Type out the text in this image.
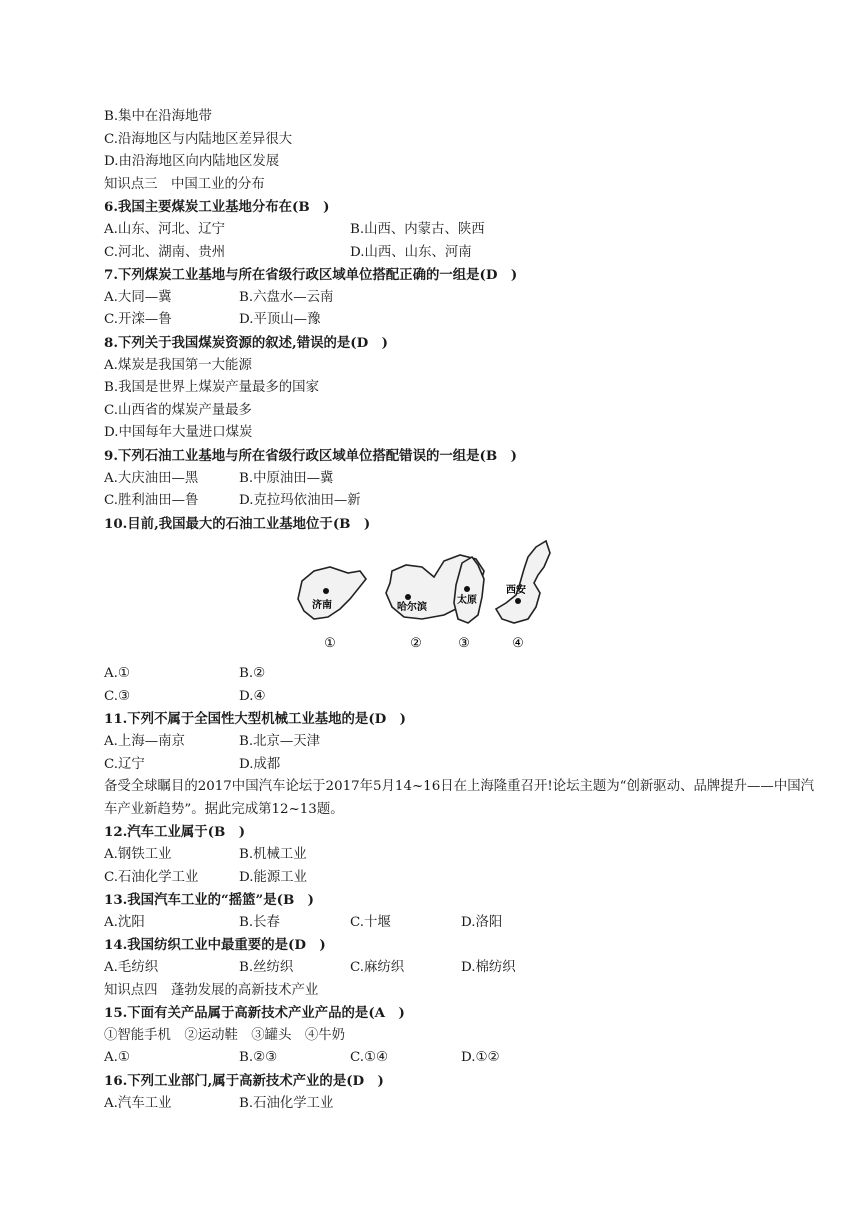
B.集中在沿海地带
C.沿海地区与内陆地区差异很大
D.由沿海地区向内陆地区发展
知识点三　中国工业的分布
6.我国主要煤炭工业基地分布在(B　)
A.山东、河北、辽宁	B.山西、内蒙古、陕西
C.河北、湖南、贵州	D.山西、山东、河南
7.下列煤炭工业基地与所在省级行政区域单位搭配正确的一组是(D　)
A.大同—冀	B.六盘水—云南
C.开滦—鲁	D.平顶山—豫
8.下列关于我国煤炭资源的叙述,错误的是(D　)
A.煤炭是我国第一大能源
B.我国是世界上煤炭产量最多的国家
C.山西省的煤炭产量最多
D.中国每年大量进口煤炭
9.下列石油工业基地与所在省级行政区域单位搭配错误的一组是(B　)
A.大庆油田—黑	B.中原油田—冀
C.胜利油田—鲁	D.克拉玛依油田—新
10.目前,我国最大的石油工业基地位于(B　)
济南
①
哈尔滨
②
太原
③
西安
④
A.①	B.②
C.③	D.④
11.下列不属于全国性大型机械工业基地的是(D　)
A.上海—南京	B.北京—天津
C.辽宁	D.成都
备受全球瞩目的2017中国汽车论坛于2017年5月14~16日在上海隆重召开!论坛主题为“创新驱动、品牌提升——中国汽车产业新趋势”。据此完成第12~13题。
12.汽车工业属于(B　)
A.钢铁工业	B.机械工业
C.石油化学工业	D.能源工业
13.我国汽车工业的“摇篮”是(B　)
A.沈阳	B.长春	C.十堰	D.洛阳
14.我国纺织工业中最重要的是(D　)
A.毛纺织	B.丝纺织	C.麻纺织	D.棉纺织
知识点四　蓬勃发展的高新技术产业
15.下面有关产品属于高新技术产业产品的是(A　)
①智能手机　②运动鞋　③罐头　④牛奶
A.①	B.②③	C.①④	D.①②
16.下列工业部门,属于高新技术产业的是(D　)
A.汽车工业	B.石油化学工业
